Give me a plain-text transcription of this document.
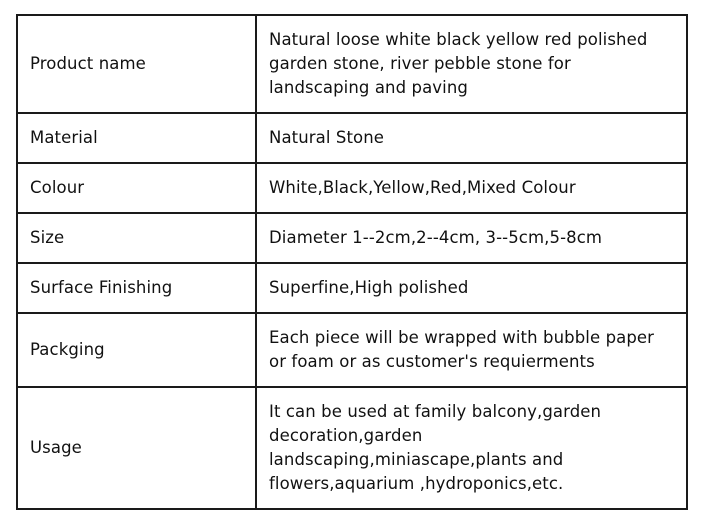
Product name	Natural loose white black yellow red polished
garden stone, river pebble stone for
landscaping and paving
Material	Natural Stone
Colour	White,Black,Yellow,Red,Mixed Colour
Size	Diameter 1--2cm,2--4cm, 3--5cm,5-8cm
Surface Finishing	Superfine,High polished
Packging	Each piece will be wrapped with bubble paper
or foam or as customer's requierments
Usage	It can be used at family balcony,garden
decoration,garden
landscaping,miniascape,plants and
flowers,aquarium ,hydroponics,etc.
